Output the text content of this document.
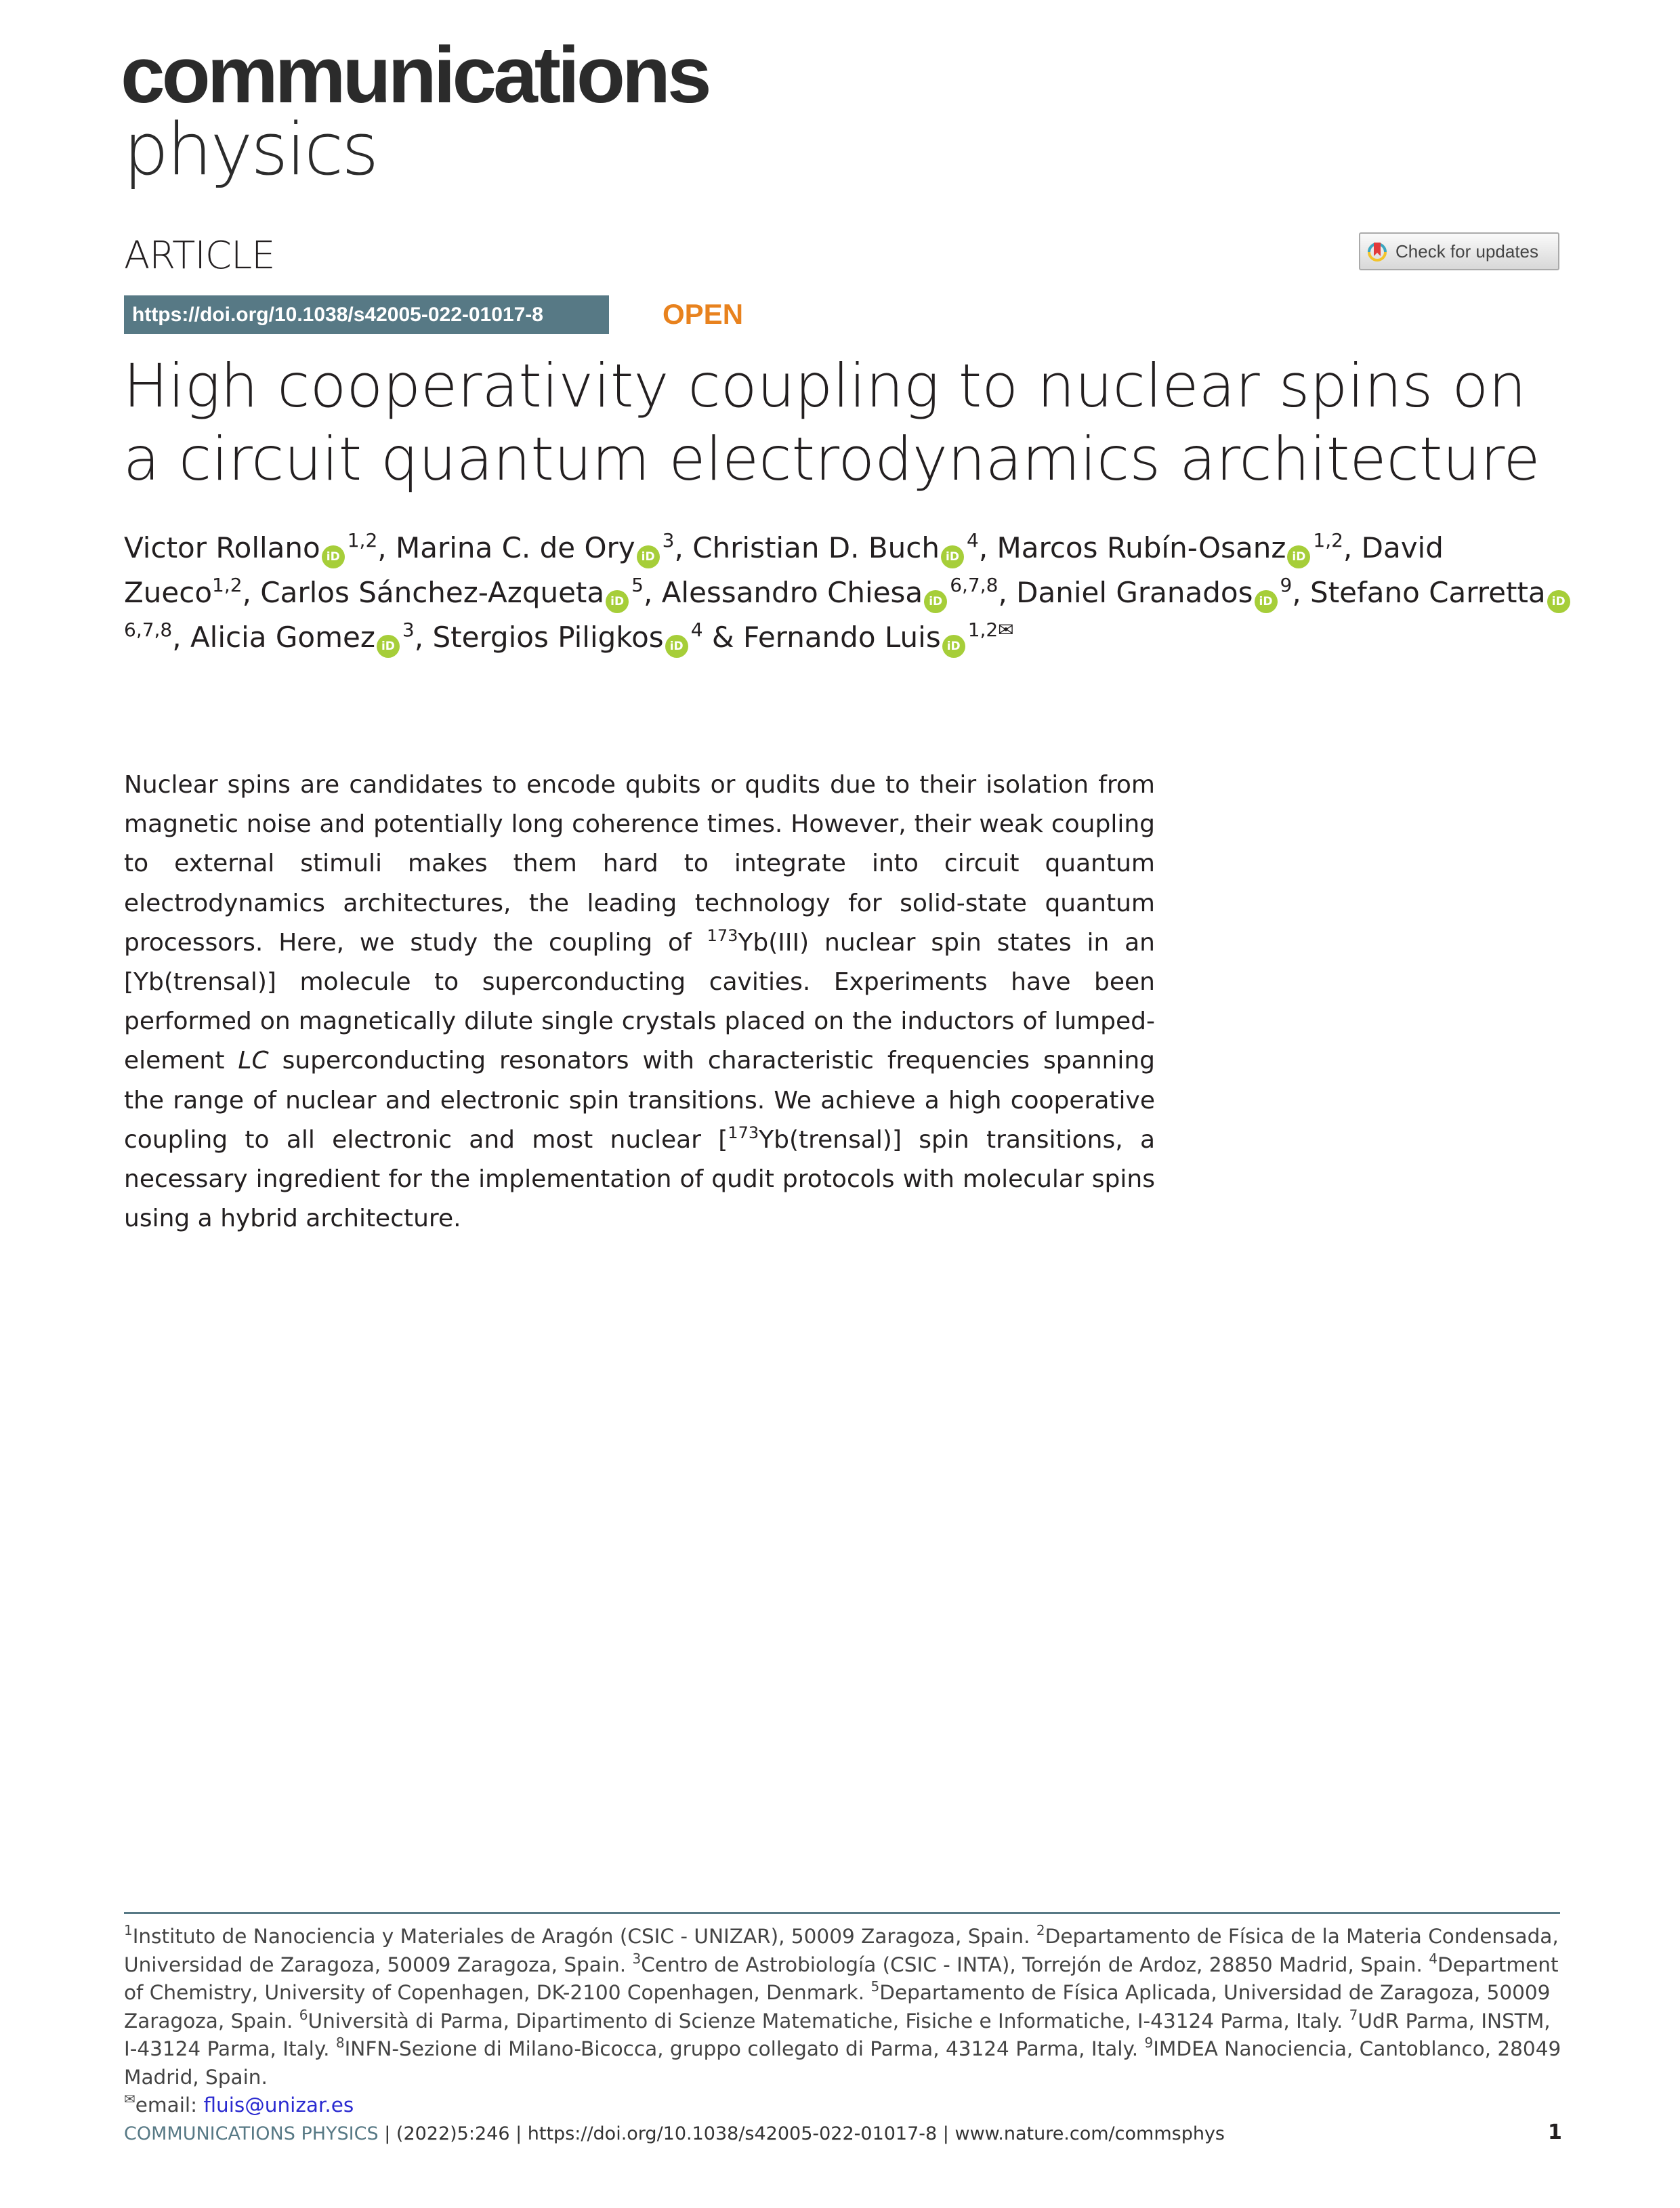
communications
physics
ARTICLE	Check for updates
https://doi.org/10.1038/s42005-022-01017-8	OPEN
High cooperativity coupling to nuclear spins on a circuit quantum electrodynamics architecture
Victor Rollano iD$^{1,2}$, Marina C. de Ory $iD^3$, Christian D. Buch $iD^4$, Marcos Rubín-Osanz iD$^{1,2}$, David Zueco$^{1,2}$, Carlos Sánchez-Azqueta $iD^5$, Alessandro Chiesa iD$^{6,7,8}$, Daniel Granados $iD^9$, Stefano Carretta iD$^{6,7,8}$, Alicia Gomez $iD^3$, Stergios Piligkos $iD^4$ & Fernando Luis $iD^{1,2✉}$
Nuclear spins are candidates to encode qubits or qudits due to their isolation from magnetic noise and potentially long coherence times. However, their weak coupling to external stimuli makes them hard to integrate into circuit quantum electrodynamics architectures, the leading technology for solid-state quantum processors. Here, we study the coupling of $^{173}$Yb(III) nuclear spin states in an [Yb(trensal)] molecule to superconducting cavities. Experiments have been performed on magnetically dilute single crystals placed on the inductors of lumped-element LC superconducting resonators with characteristic frequencies spanning the range of nuclear and electronic spin transitions. We achieve a high cooperative coupling to all electronic and most nuclear [$^{173}$Yb(trensal)] spin transitions, a necessary ingredient for the implementation of qudit protocols with molecular spins using a hybrid architecture.
$^1$Instituto de Nanociencia y Materiales de Aragón (CSIC - UNIZAR), 50009 Zaragoza, Spain. $^2$Departamento de Física de la Materia Condensada, Universidad de Zaragoza, 50009 Zaragoza, Spain. $^3$Centro de Astrobiología (CSIC - INTA), Torrejón de Ardoz, 28850 Madrid, Spain. $^4$Department of Chemistry, University of Copenhagen, DK-2100 Copenhagen, Denmark. $^5$Departamento de Física Aplicada, Universidad de Zaragoza, 50009 Zaragoza, Spain. $^6$Università di Parma, Dipartimento di Scienze Matematiche, Fisiche e Informatiche, I-43124 Parma, Italy. $^7$UdR Parma, INSTM, I-43124 Parma, Italy. $^8$INFN-Sezione di Milano-Bicocca, gruppo collegato di Parma, 43124 Parma, Italy. $^9$IMDEA Nanociencia, Cantoblanco, 28049 Madrid, Spain.
✉email: fluis@unizar.es
COMMUNICATIONS PHYSICS | (2022)5:246 | https://doi.org/10.1038/s42005-022-01017-8 | www.nature.com/commsphys	1
